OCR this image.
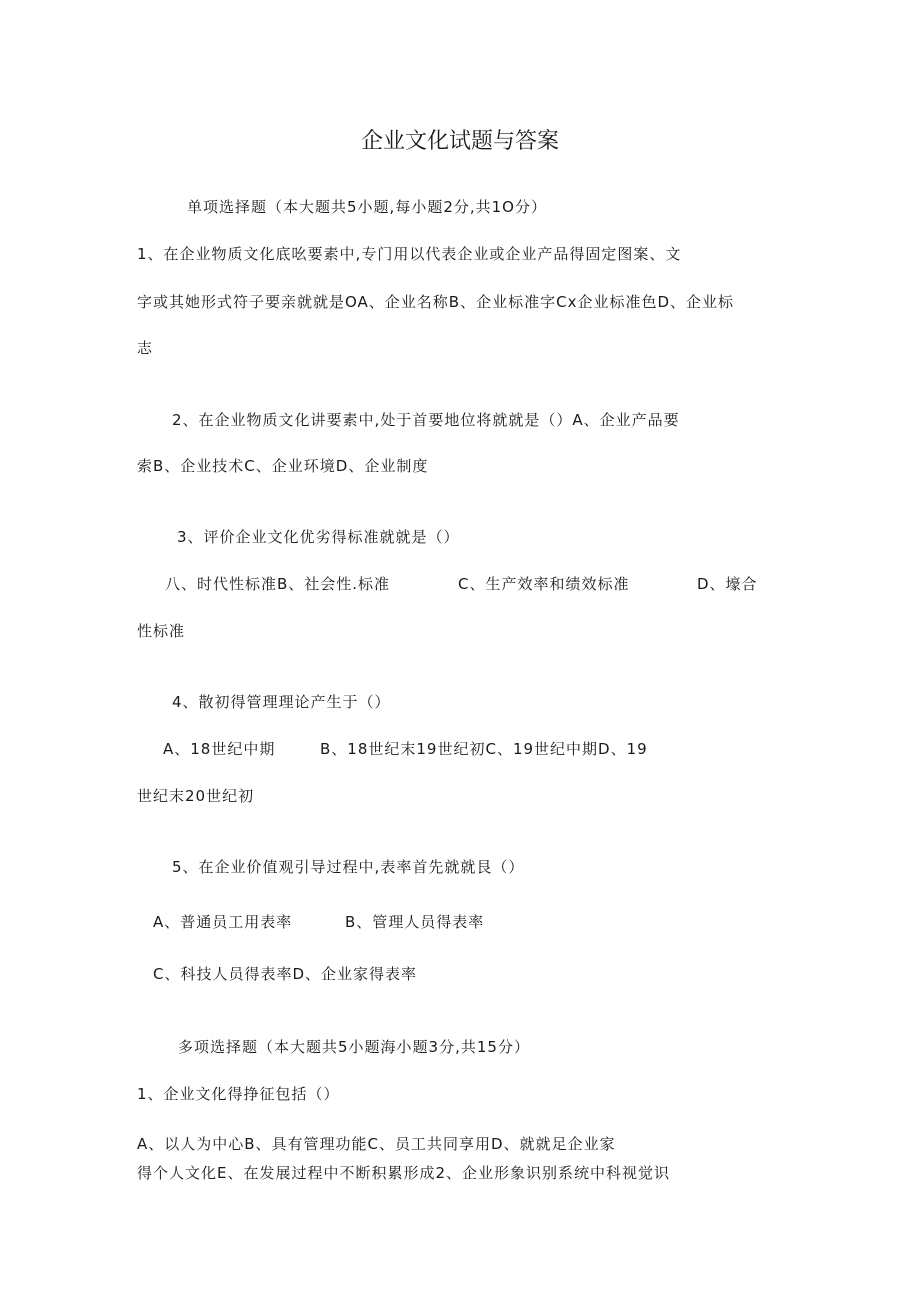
企业文化试题与答案
单项选择题（本大题共5小题,每小题2分,共1O分）
1、在企业物质文化底吆要素中,专门用以代表企业或企业产品得固定图案、文
字或其她形式符子要亲就就是OA、企业名称B、企业标准字Cx企业标准色D、企业标
志
2、在企业物质文化讲要素中,处于首要地位将就就是（）A、企业产品要
索B、企业技术C、企业环境D、企业制度
3、评价企业文化优劣得标准就就是（）
八、时代性标准B、社会性.标准	C、生产效率和绩效标准	D、壕合
性标准
4、散初得管理理论产生于（）
A、18世纪中期	B、18世纪末19世纪初C、19世纪中期D、19
世纪末20世纪初
5、在企业价值观引导过程中,表率首先就就艮（）
A、普通员工用表率	B、管理人员得表率
C、科技人员得表率D、企业家得表率
多项选择题（本大题共5小题海小题3分,共15分）
1、企业文化得挣征包括（）
A、以人为中心B、具有管理功能C、员工共同享用D、就就足企业家
得个人文化E、在发展过程中不断积累形成2、企业形象识别系统中科视觉识
